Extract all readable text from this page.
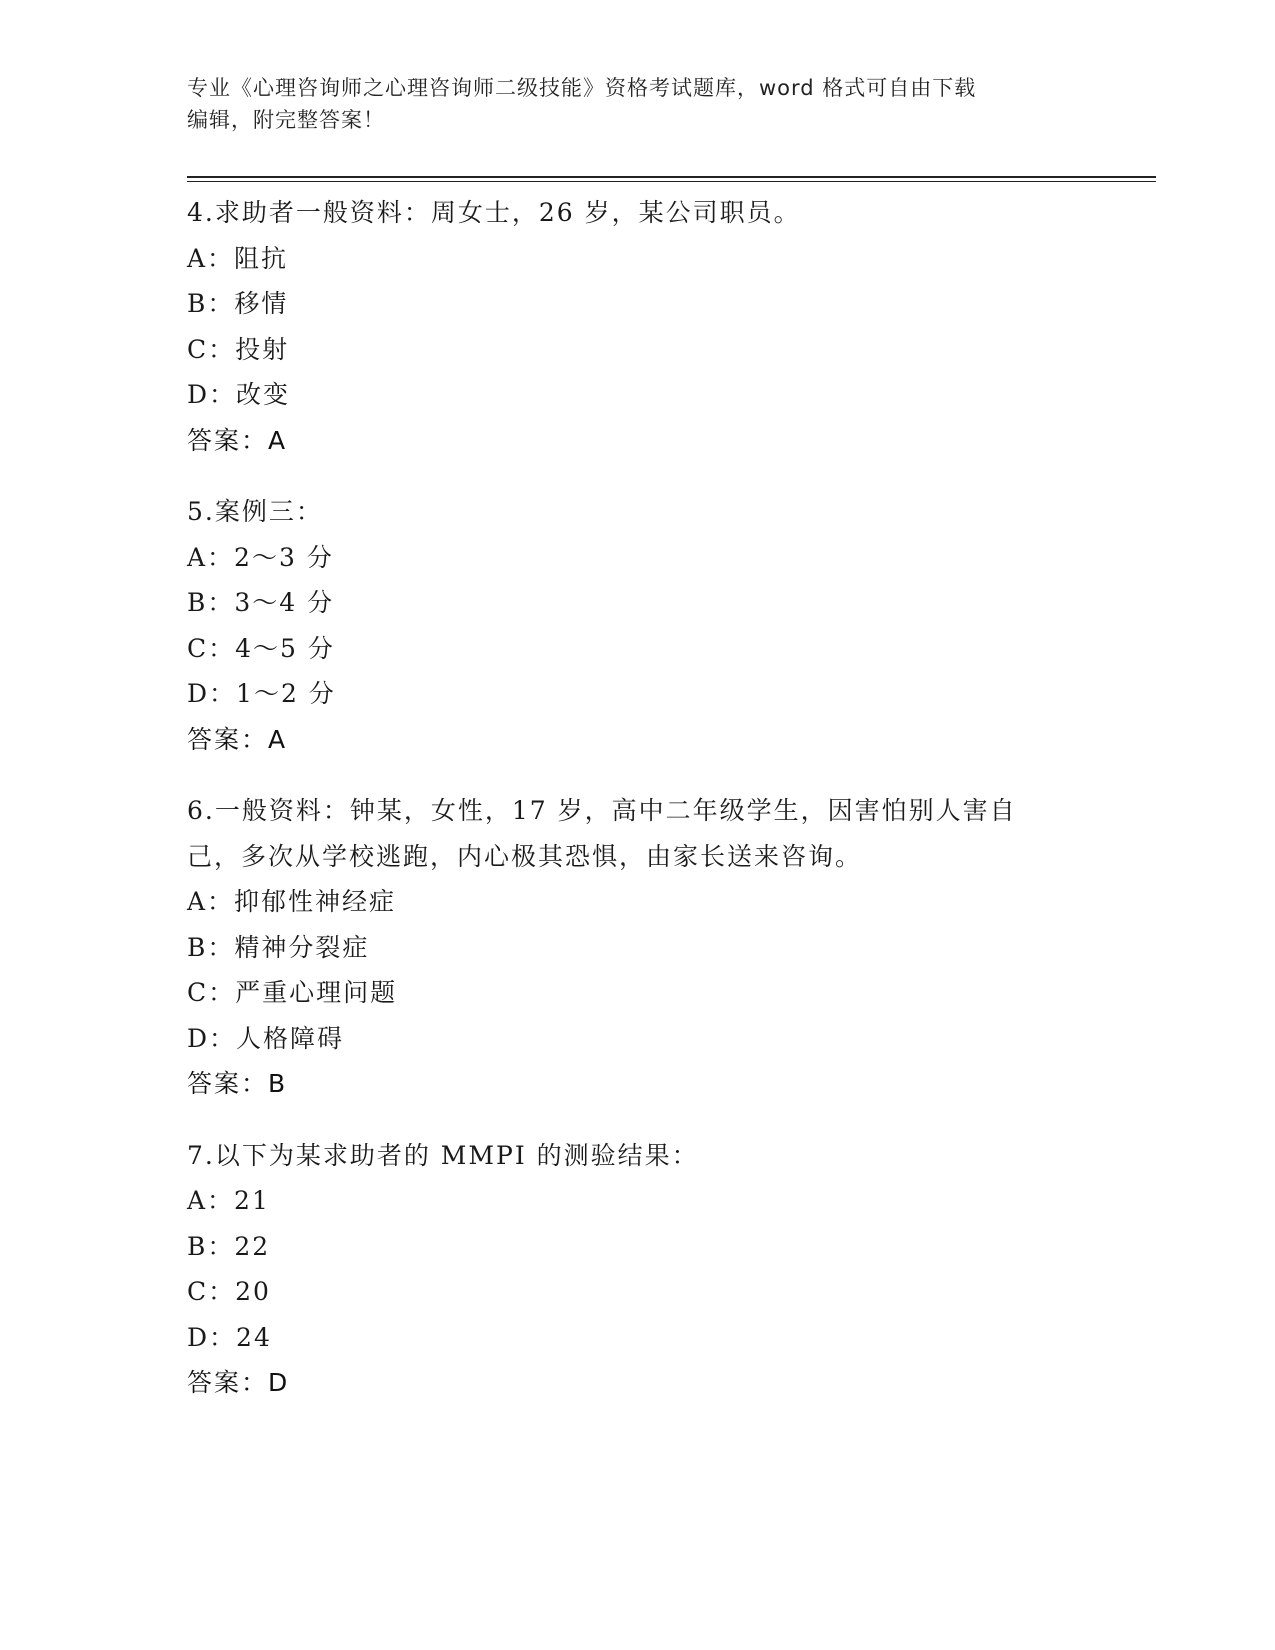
专业《心理咨询师之心理咨询师二级技能》资格考试题库，word 格式可自由下载

编辑，附完整答案！

4.求助者一般资料：周女士，26 岁，某公司职员。

A：阻抗

B：移情

C：投射

D：改变

答案：A

5.案例三：

A：2～3 分

B：3～4 分

C：4～5 分

D：1～2 分

答案：A

6.一般资料：钟某，女性，17 岁，高中二年级学生，因害怕别人害自己，多次从学校逃跑，内心极其恐惧，由家长送来咨询。

A：抑郁性神经症

B：精神分裂症

C：严重心理问题

D：人格障碍

答案：B

7.以下为某求助者的 MMPI 的测验结果：

A：21

B：22

C：20

D：24

答案：D
